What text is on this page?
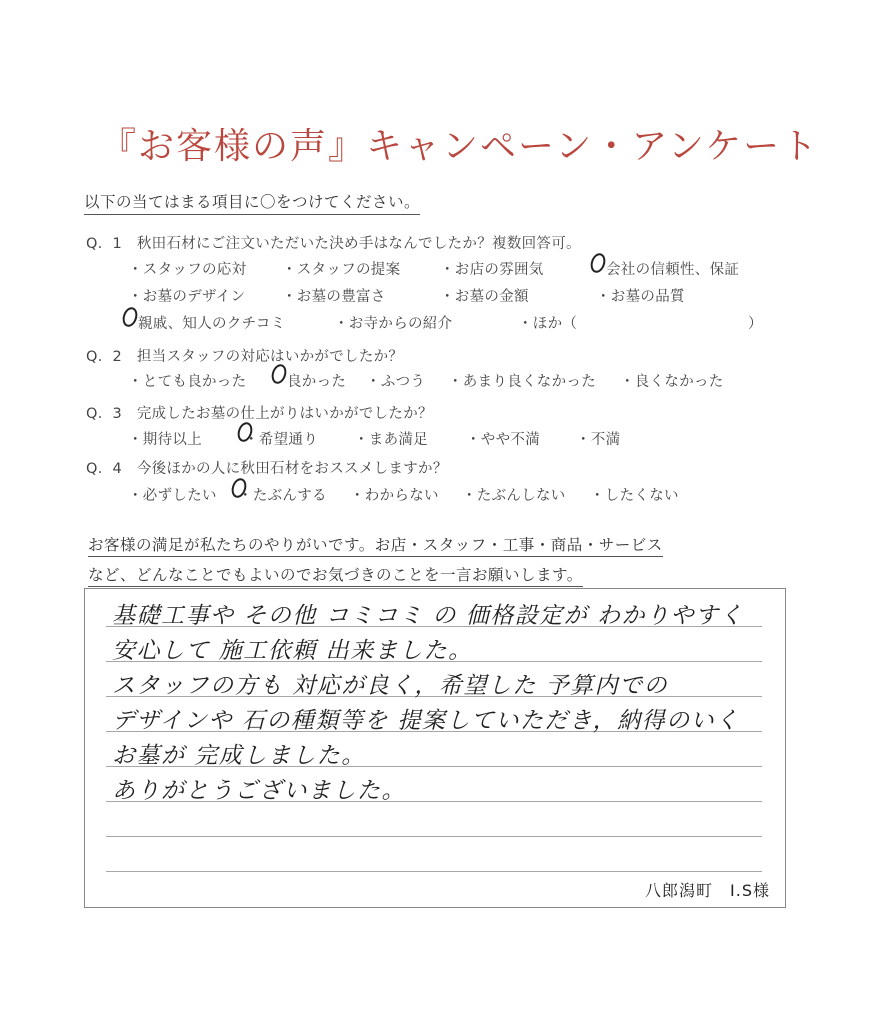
『お客様の声』キャンペーン・アンケート
以下の当てはまる項目に〇をつけてください。
Q．1　秋田石材にご注文いただいた決め手はなんでしたか？複数回答可。
・スタッフの応対 ・スタッフの提案	・お店の雰囲気	会社の信頼性、保証
・お墓のデザイン	・お墓の豊富さ	・お墓の金額	・お墓の品質
親戚、知人のクチコミ	・お寺からの紹介	・ほか（	）
Q．2　担当スタッフの対応はいかがでしたか？
・とても良かった	良かった ・ふつう ・あまり良くなかった ・良くなかった
Q．3　完成したお墓の仕上がりはいかがでしたか？
・期待以上	・希望通り ・まあ満足	・やや不満 ・不満
Q．4　今後ほかの人に秋田石材をおススメしますか？
・必ずしたい ・たぶんする ・わからない ・たぶんしない ・したくない
お客様の満足が私たちのやりがいです。お店・スタッフ・工事・商品・サービス
など、どんなことでもよいのでお気づきのことを一言お願いします。
基礎工事や その他 コミコミ の 価格設定が わかりやすく
安心して 施工依頼 出来ました。
スタッフの方も 対応が良く，希望した 予算内での
デザインや 石の種類等を 提案していただき，納得のいく
お墓が 完成しました。
ありがとうございました。
八郎潟町　I.S様
